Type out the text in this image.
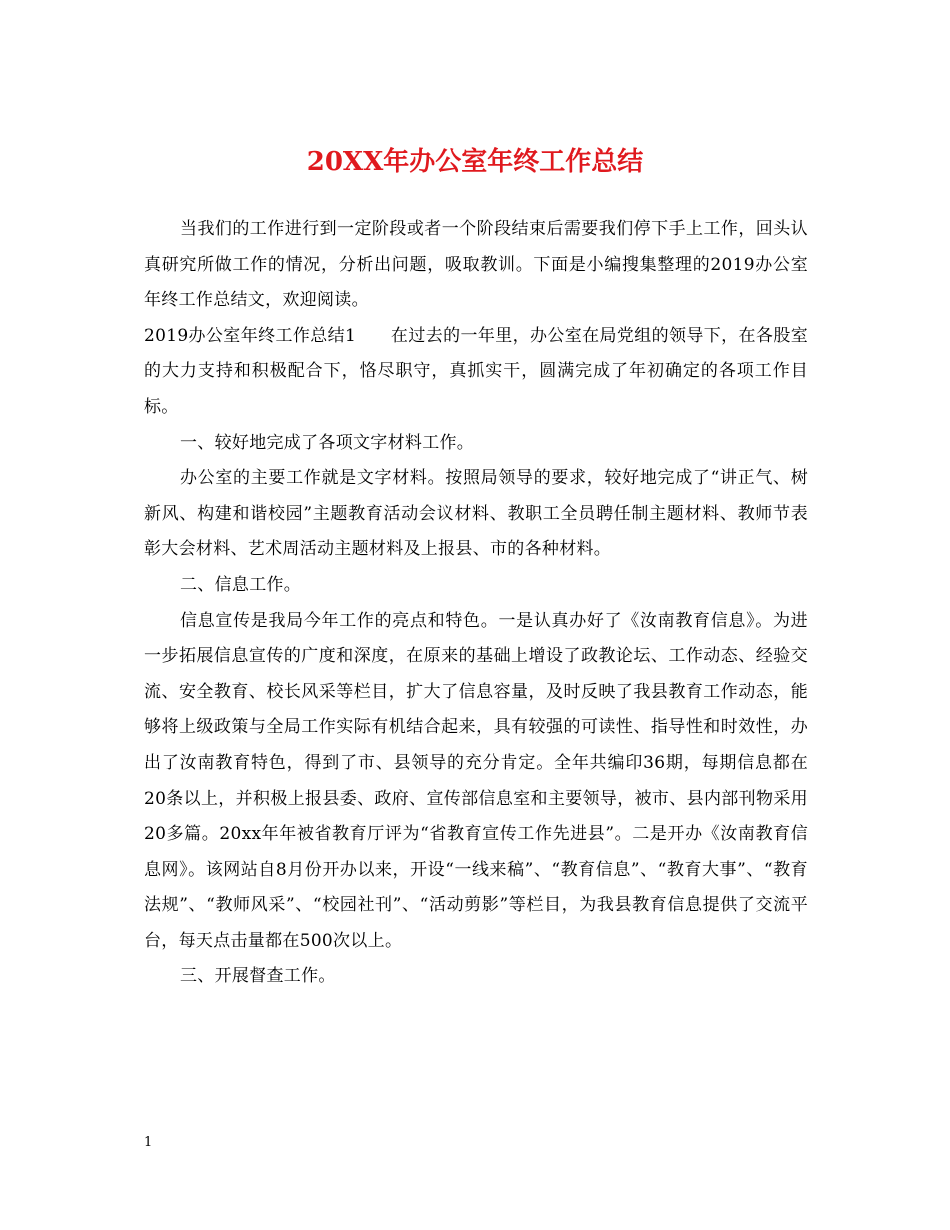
20XX年办公室年终工作总结

当我们的工作进行到一定阶段或者一个阶段结束后需要我们停下手上工作，回头认真研究所做工作的情况，分析出问题，吸取教训。下面是小编搜集整理的2019办公室年终工作总结文，欢迎阅读。

2019办公室年终工作总结1　　在过去的一年里，办公室在局党组的领导下，在各股室的大力支持和积极配合下，恪尽职守，真抓实干，圆满完成了年初确定的各项工作目标。

一、较好地完成了各项文字材料工作。

办公室的主要工作就是文字材料。按照局领导的要求，较好地完成了“讲正气、树新风、构建和谐校园”主题教育活动会议材料、教职工全员聘任制主题材料、教师节表彰大会材料、艺术周活动主题材料及上报县、市的各种材料。

二、信息工作。

信息宣传是我局今年工作的亮点和特色。一是认真办好了《汝南教育信息》。为进一步拓展信息宣传的广度和深度，在原来的基础上增设了政教论坛、工作动态、经验交流、安全教育、校长风采等栏目，扩大了信息容量，及时反映了我县教育工作动态，能够将上级政策与全局工作实际有机结合起来，具有较强的可读性、指导性和时效性，办出了汝南教育特色，得到了市、县领导的充分肯定。全年共编印36期，每期信息都在20条以上，并积极上报县委、政府、宣传部信息室和主要领导，被市、县内部刊物采用20多篇。20xx年年被省教育厅评为“省教育宣传工作先进县”。二是开办《汝南教育信息网》。该网站自8月份开办以来，开设“一线来稿”、“教育信息”、“教育大事”、“教育法规”、“教师风采”、“校园社刊”、“活动剪影”等栏目，为我县教育信息提供了交流平台，每天点击量都在500次以上。

三、开展督查工作。

1
